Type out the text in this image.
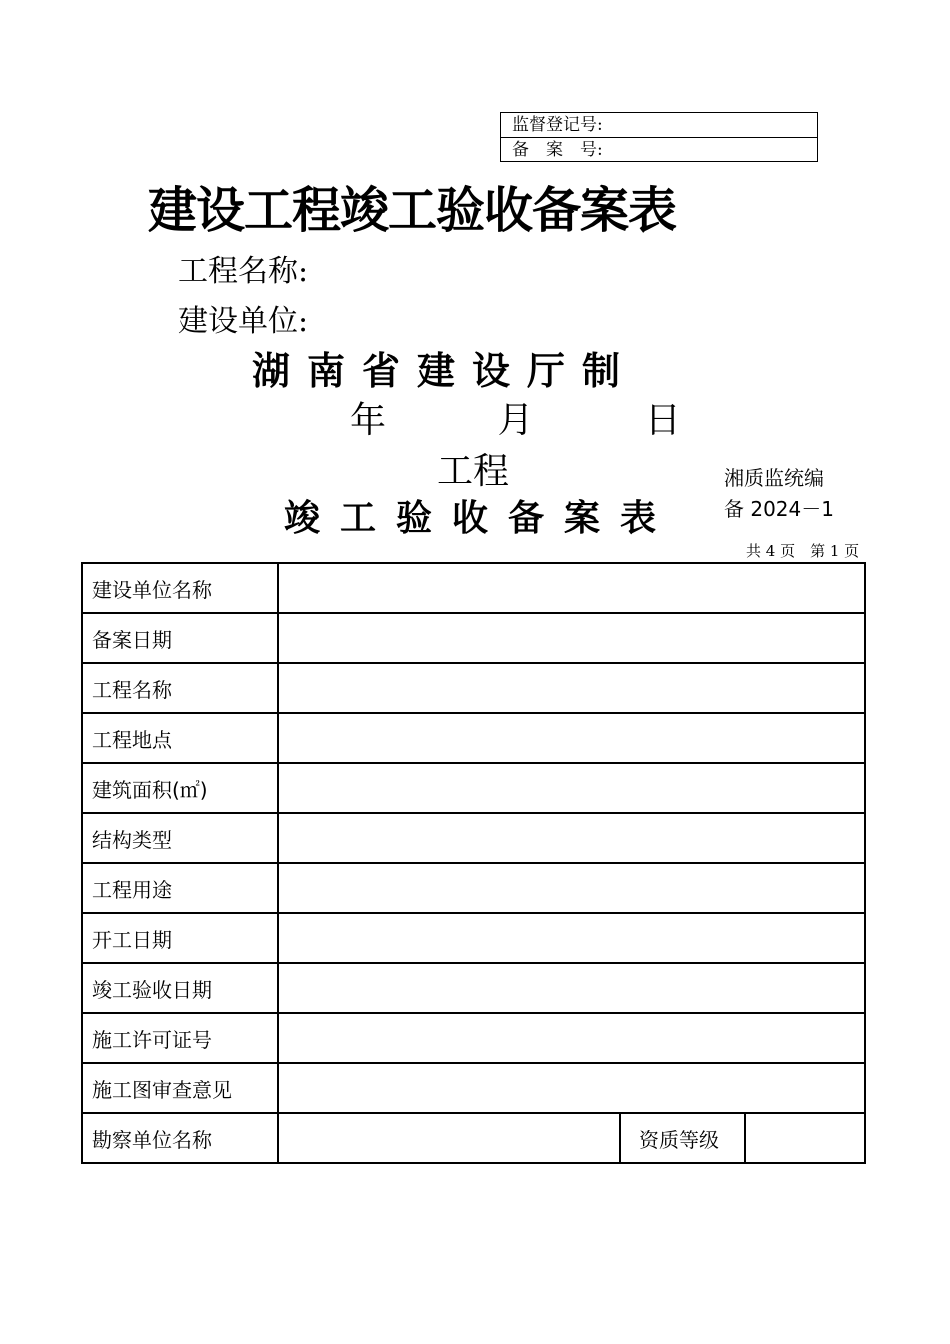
监督登记号:
备　案　号:
建设工程竣工验收备案表
工程名称:
建设单位:
湖南省建设厅制
年 月 日
工程
竣工验收备案表
湘质监统编
备 2024－1
共 4 页　第 1 页
建设单位名称			
备案日期			
工程名称			
工程地点			
建筑面积(㎡)			
结构类型			
工程用途			
开工日期			
竣工验收日期			
施工许可证号			
施工图审查意见			
勘察单位名称		资质等级	
